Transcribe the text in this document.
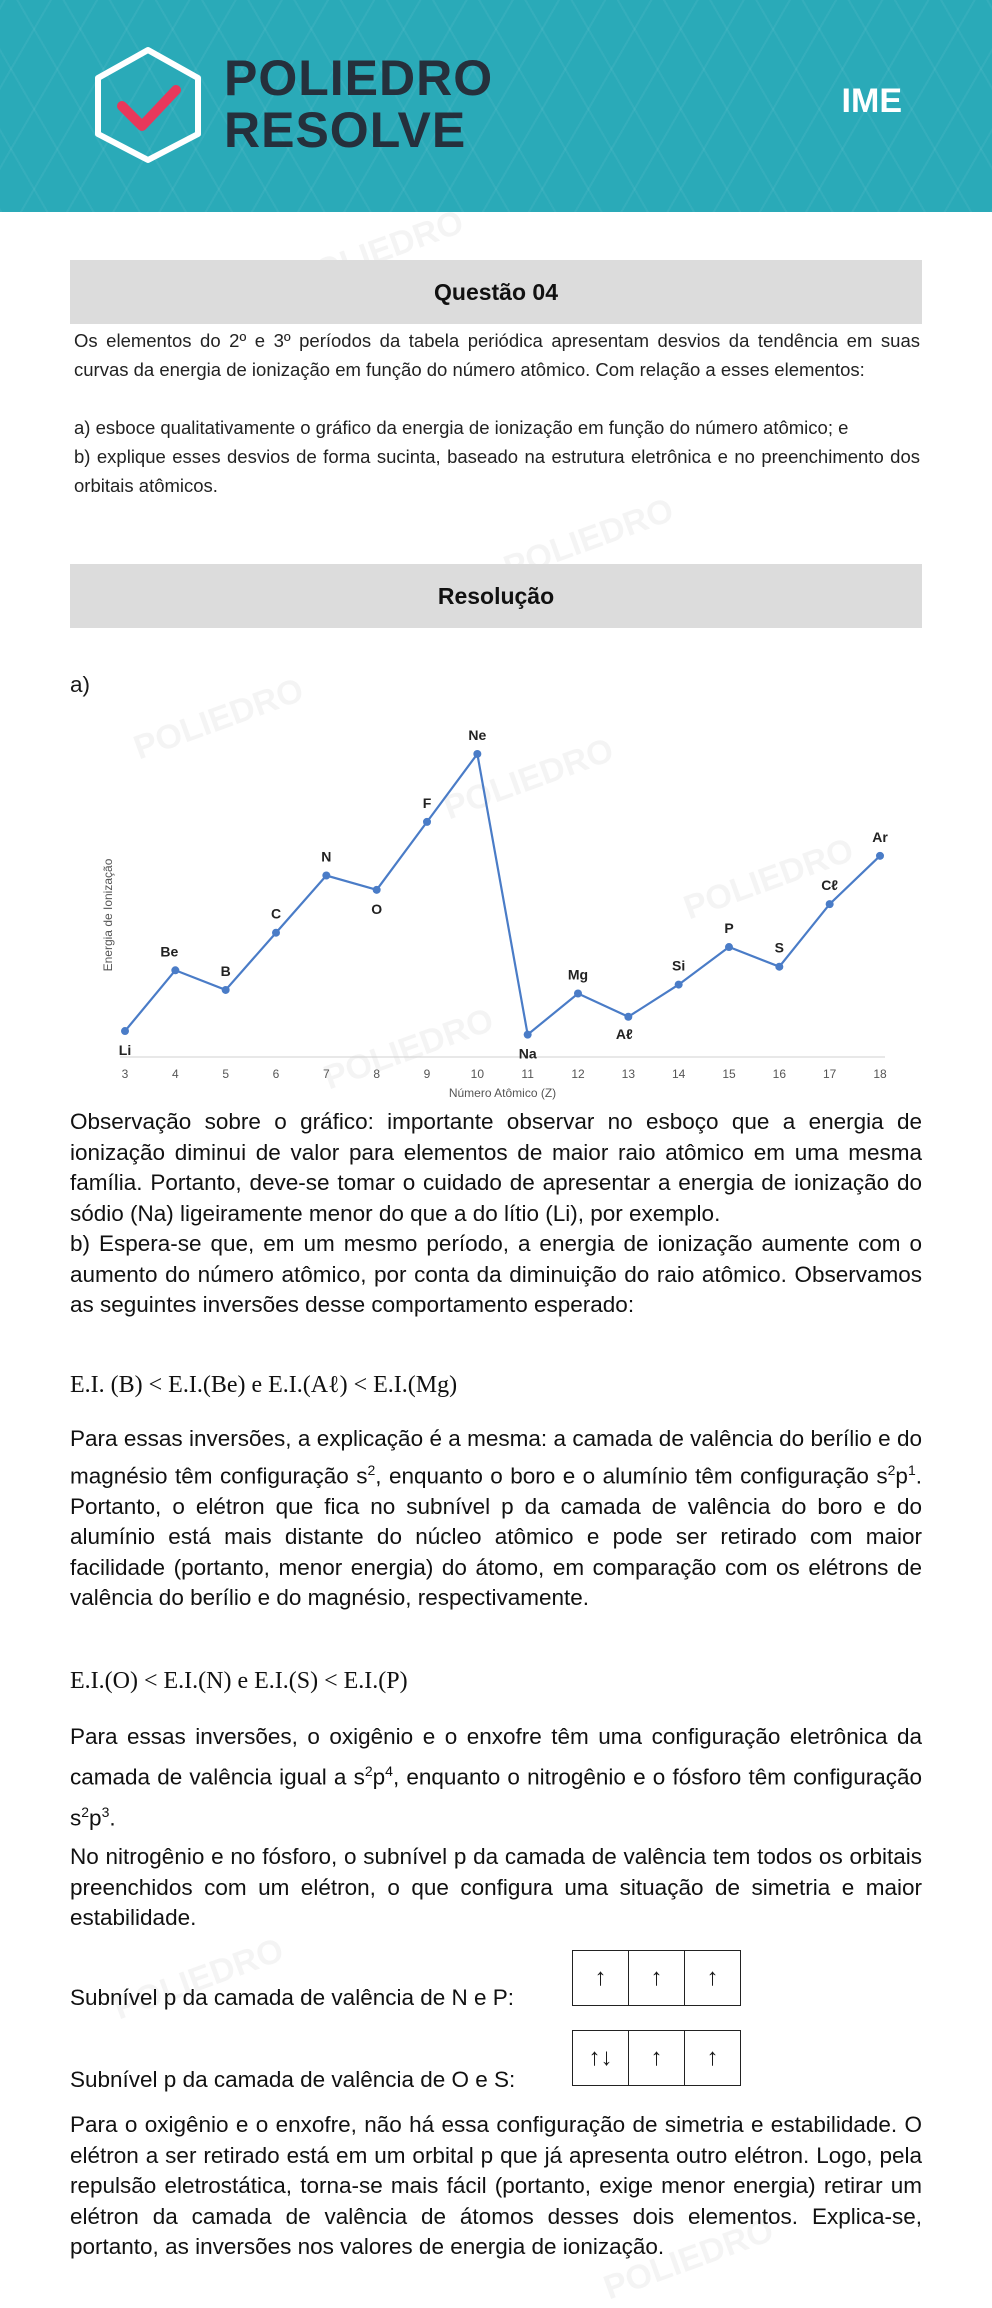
POLIEDRO
RESOLVE
IME
Questão 04

Os elementos do 2º e 3º períodos da tabela periódica apresentam desvios da tendência em suas curvas da energia de ionização em função do número atômico. Com relação a esses elementos:

a) esboce qualitativamente o gráfico da energia de ionização em função do número atômico; e

b) explique esses desvios de forma sucinta, baseado na estrutura eletrônica e no preenchimento dos orbitais atômicos.

Resolução
a)
Li
3
Be
4
B
5
C
6
N
7
O
8
F
9
Ne
10
Na
11
Mg
12
Aℓ
13
Si
14
P
15
S
16
Cℓ
17
Ar
18
Número Atômico (Z)
Energia de Ionização

Observação sobre o gráfico: importante observar no esboço que a energia de ionização diminui de valor para elementos de maior raio atômico em uma mesma família. Portanto, deve-se tomar o cuidado de apresentar a energia de ionização do sódio (Na) ligeiramente menor do que a do lítio (Li), por exemplo.

b) Espera-se que, em um mesmo período, a energia de ionização aumente com o aumento do número atômico, por conta da diminuição do raio atômico. Observamos as seguintes inversões desse comportamento esperado:

E.I. (B) < E.I.(Be) e E.I.(Aℓ) < E.I.(Mg)

Para essas inversões, a explicação é a mesma: a camada de valência do berílio e do magnésio têm configuração $s^2$, enquanto o boro e o alumínio têm configuração $s^2p^1$. Portanto, o elétron que fica no subnível p da camada de valência do boro e do alumínio está mais distante do núcleo atômico e pode ser retirado com maior facilidade (portanto, menor energia) do átomo, em comparação com os elétrons de valência do berílio e do magnésio, respectivamente.

E.I.(O) < E.I.(N) e E.I.(S) < E.I.(P)

Para essas inversões, o oxigênio e o enxofre têm uma configuração eletrônica da camada de valência igual a $s^2p^4$, enquanto o nitrogênio e o fósforo têm configuração $s^2p^3$.

No nitrogênio e no fósforo, o subnível p da camada de valência tem todos os orbitais preenchidos com um elétron, o que configura uma situação de simetria e maior estabilidade.

Subnível p da camada de valência de N e P:
↑ ↑ ↑
Subnível p da camada de valência de O e S:
↑↓ ↑ ↑

Para o oxigênio e o enxofre, não há essa configuração de simetria e estabilidade. O elétron a ser retirado está em um orbital p que já apresenta outro elétron. Logo, pela repulsão eletrostática, torna-se mais fácil (portanto, exige menor energia) retirar um elétron da camada de valência de átomos desses dois elementos. Explica-se, portanto, as inversões nos valores de energia de ionização.
